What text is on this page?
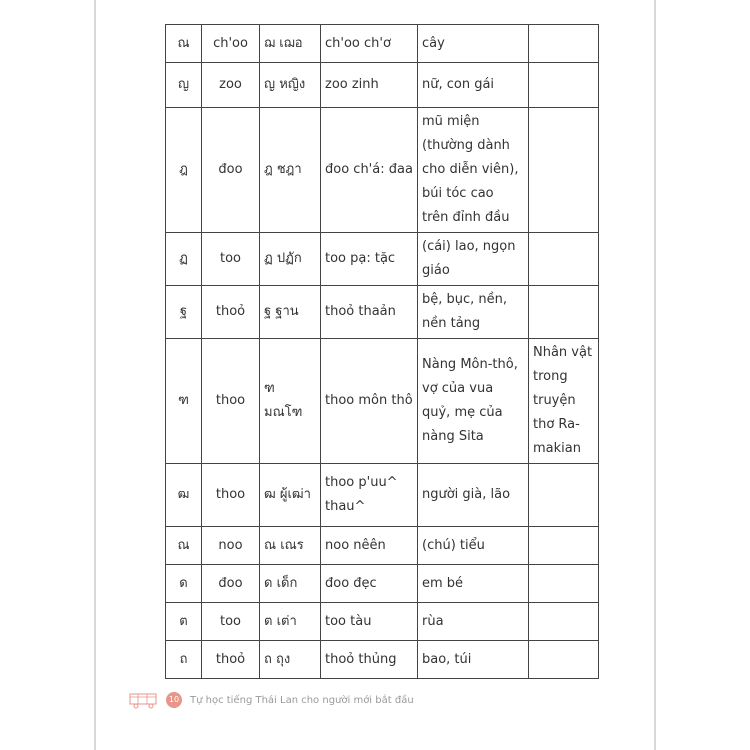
ณ	ch'oo	ฌ เฌอ	ch'oo ch'ơ	cây	
ญ	zoo	ญ หญิง	zoo zinh	nữ, con gái	
ฎ	đoo	ฎ ชฎา	đoo ch'á: đaa	mũ miện (thường dành cho diễn viên), búi tóc cao trên đỉnh đầu	
ฏ	too	ฏ ปฏัก	too pạ: tặc	(cái) lao, ngọn giáo	
ฐ	thoỏ	ฐ ฐาน	thoỏ thaản	bệ, bục, nền, nền tảng	
ฑ	thoo	ฑ มณโฑ	thoo môn thô	Nàng Môn-thô, vợ của vua quỷ, mẹ của nàng Sita	Nhân vật trong truyện thơ Ra-makian
ฒ	thoo	ฒ ผู้เฒ่า	thoo p'uu^ thau^	người già, lão	
ณ	noo	ณ เณร	noo nêên	(chú) tiểu	
ด	đoo	ด เด็ก	đoo đẹc	em bé	
ต	too	ต เต่า	too tàu	rùa	
ถ	thoỏ	ถ ถุง	thoỏ thủng	bao, túi	
10 Tự học tiếng Thái Lan cho người mới bắt đầu
